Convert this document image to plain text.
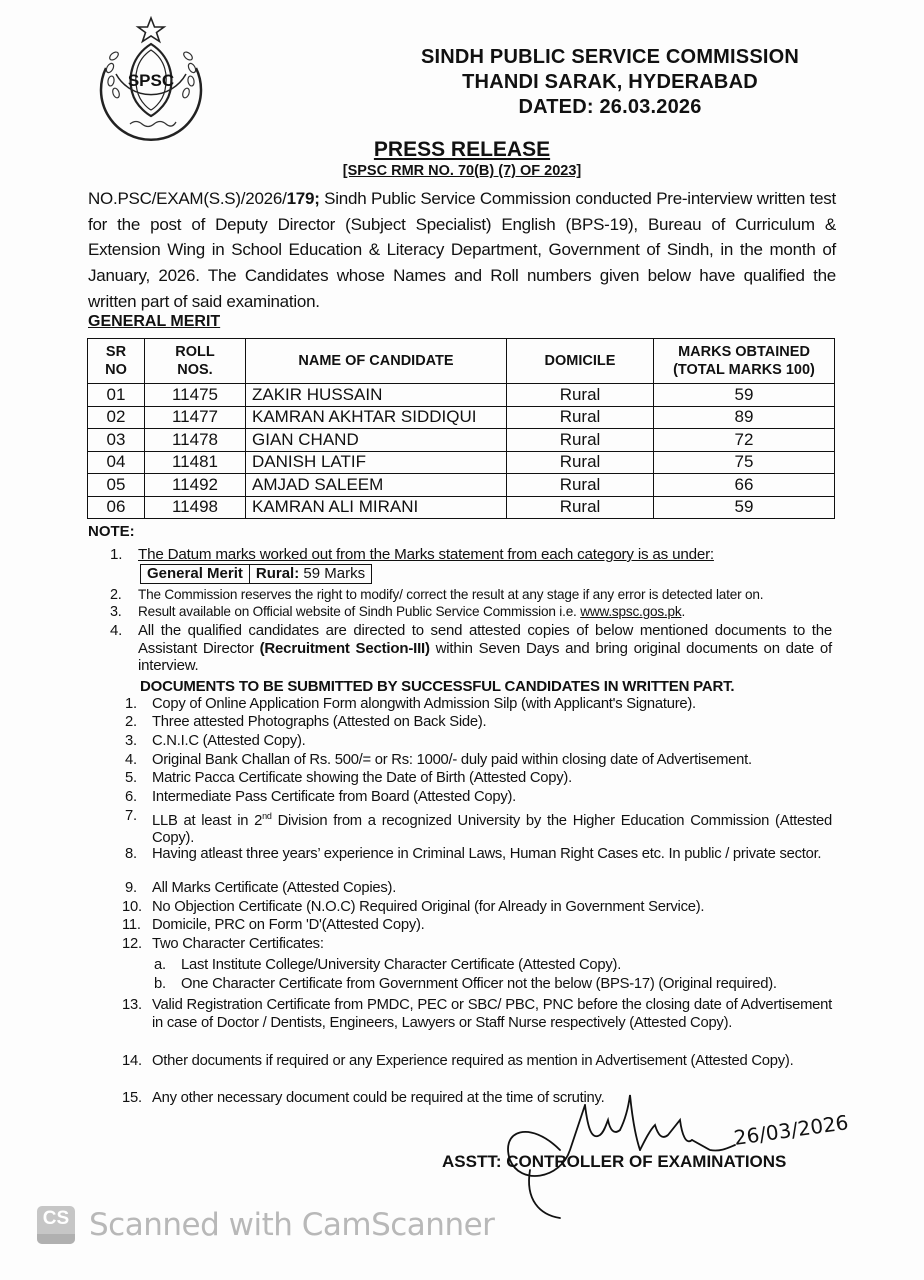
SPSC
SINDH PUBLIC SERVICE COMMISSION
THANDI SARAK, HYDERABAD
DATED: 26.03.2026
PRESS RELEASE
[SPSC RMR NO. 70(B) (7) OF 2023]
NO.PSC/EXAM(S.S)/2026/179; Sindh Public Service Commission conducted Pre-interview written test for the post of Deputy Director (Subject Specialist) English (BPS-19), Bureau of Curriculum & Extension Wing in School Education & Literacy Department, Government of Sindh, in the month of January, 2026. The Candidates whose Names and Roll numbers given below have qualified the written part of said examination.
GENERAL MERIT
SR NO	ROLL NOS.	NAME OF CANDIDATE	DOMICILE	MARKS OBTAINED (TOTAL MARKS 100)
01	11475	ZAKIR HUSSAIN	Rural	59
02	11477	KAMRAN AKHTAR SIDDIQUI	Rural	89
03	11478	GIAN CHAND	Rural	72
04	11481	DANISH LATIF	Rural	75
05	11492	AMJAD SALEEM	Rural	66
06	11498	KAMRAN ALI MIRANI	Rural	59
NOTE:
1. The Datum marks worked out from the Marks statement from each category is as under:
General Merit Rural: 59 Marks
2. The Commission reserves the right to modify/ correct the result at any stage if any error is detected later on.
3. Result available on Official website of Sindh Public Service Commission i.e. www.spsc.gos.pk.
4. All the qualified candidates are directed to send attested copies of below mentioned documents to the Assistant Director (Recruitment Section-III) within Seven Days and bring original documents on date of interview.
DOCUMENTS TO BE SUBMITTED BY SUCCESSFUL CANDIDATES IN WRITTEN PART.
1. Copy of Online Application Form alongwith Admission Silp (with Applicant's Signature).
2. Three attested Photographs (Attested on Back Side).
3. C.N.I.C (Attested Copy).
4. Original Bank Challan of Rs. 500/= or Rs: 1000/- duly paid within closing date of Advertisement.
5. Matric Pacca Certificate showing the Date of Birth (Attested Copy).
6. Intermediate Pass Certificate from Board (Attested Copy).
7. LLB at least in 2nd Division from a recognized University by the Higher Education Commission (Attested Copy).
8. Having atleast three years’ experience in Criminal Laws, Human Right Cases etc. In public / private sector.
9. All Marks Certificate (Attested Copies).
10. No Objection Certificate (N.O.C) Required Original (for Already in Government Service).
11. Domicile, PRC on Form 'D'(Attested Copy).
12. Two Character Certificates:
a. Last Institute College/University Character Certificate (Attested Copy).
b. One Character Certificate from Government Officer not the below (BPS-17) (Original required).
13. Valid Registration Certificate from PMDC, PEC or SBC/ PBC, PNC before the closing date of Advertisement in case of Doctor / Dentists, Engineers, Lawyers or Staff Nurse respectively (Attested Copy).
14. Other documents if required or any Experience required as mention in Advertisement (Attested Copy).
15. Any other necessary document could be required at the time of scrutiny.
26/03/2026
ASSTT: CONTROLLER OF EXAMINATIONS
CS Scanned with CamScanner
